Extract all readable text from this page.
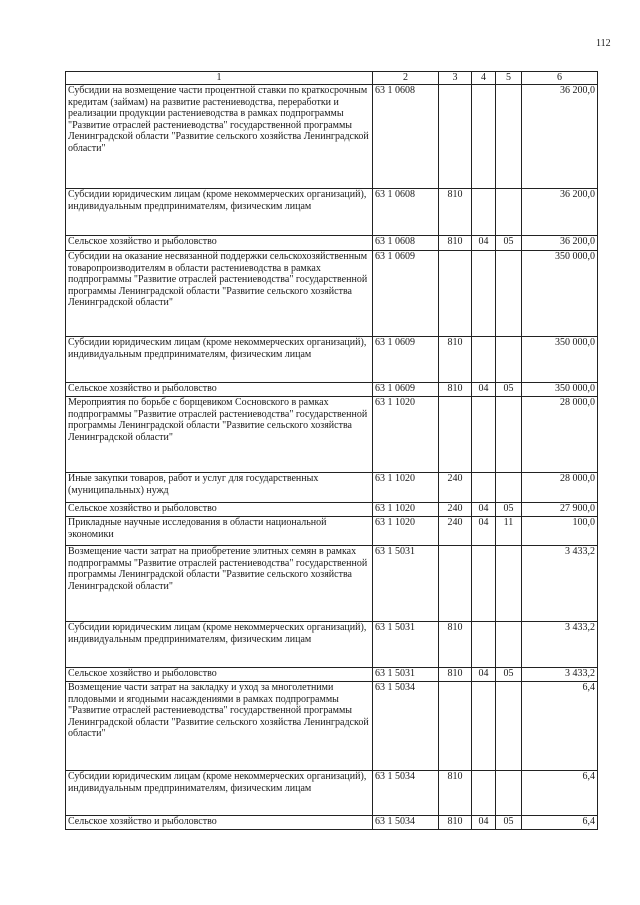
112
1	2	3	4	5	6
Субсидии на возмещение части процентной ставки по краткосрочным кредитам (займам) на развитие растениеводства, переработки и реализации продукции растениеводства в рамках подпрограммы "Развитие отраслей растениеводства" государственной программы Ленинградской области "Развитие сельского хозяйства Ленинградской области"	63 1 0608				36 200,0
Субсидии юридическим лицам (кроме некоммерческих организаций), индивидуальным предпринимателям, физическим лицам	63 1 0608	810			36 200,0
Сельское хозяйство и рыболовство	63 1 0608	810	04	05	36 200,0
Субсидии на оказание несвязанной поддержки сельскохозяйственным товаропроизводителям в области растениеводства в рамках подпрограммы "Развитие отраслей растениеводства" государственной программы Ленинградской области "Развитие сельского хозяйства Ленинградской области"	63 1 0609				350 000,0
Субсидии юридическим лицам (кроме некоммерческих организаций), индивидуальным предпринимателям, физическим лицам	63 1 0609	810			350 000,0
Сельское хозяйство и рыболовство	63 1 0609	810	04	05	350 000,0
Мероприятия по борьбе с борщевиком Сосновского в рамках подпрограммы "Развитие отраслей растениеводства" государственной программы Ленинградской области "Развитие сельского хозяйства Ленинградской области"	63 1 1020				28 000,0
Иные закупки товаров, работ и услуг для государственных (муниципальных) нужд	63 1 1020	240			28 000,0
Сельское хозяйство и рыболовство	63 1 1020	240	04	05	27 900,0
Прикладные научные исследования в области национальной экономики	63 1 1020	240	04	11	100,0
Возмещение части затрат на приобретение элитных семян в рамках подпрограммы "Развитие отраслей растениеводства" государственной программы Ленинградской области "Развитие сельского хозяйства Ленинградской области"	63 1 5031				3 433,2
Субсидии юридическим лицам (кроме некоммерческих организаций), индивидуальным предпринимателям, физическим лицам	63 1 5031	810			3 433,2
Сельское хозяйство и рыболовство	63 1 5031	810	04	05	3 433,2
Возмещение части затрат на закладку и уход за многолетними плодовыми и ягодными насаждениями в рамках подпрограммы "Развитие отраслей растениеводства" государственной программы Ленинградской области "Развитие сельского хозяйства Ленинградской области"	63 1 5034				6,4
Субсидии юридическим лицам (кроме некоммерческих организаций), индивидуальным предпринимателям, физическим лицам	63 1 5034	810			6,4
Сельское хозяйство и рыболовство	63 1 5034	810	04	05	6,4
